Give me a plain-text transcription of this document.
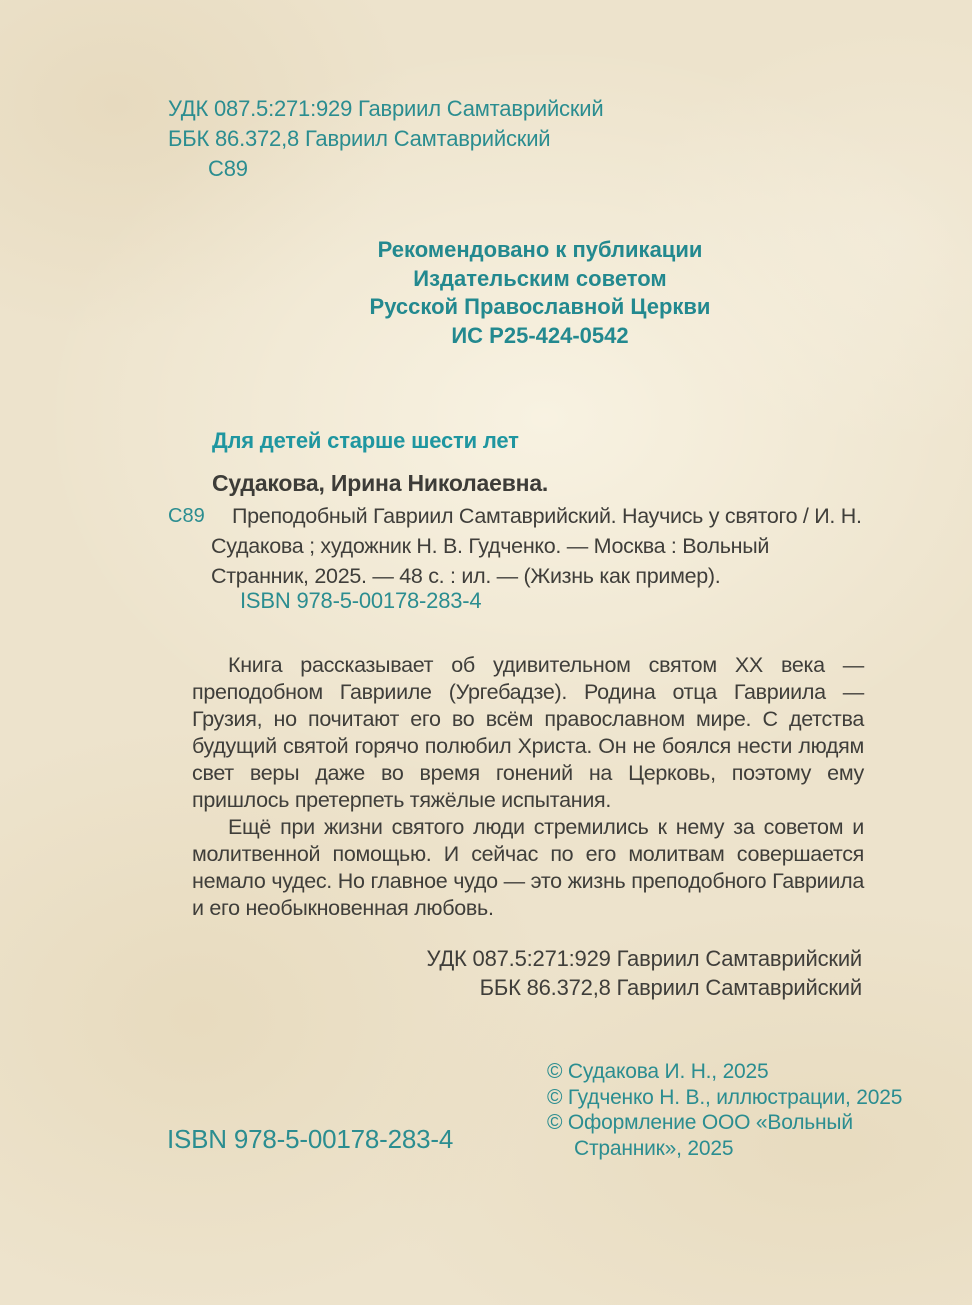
УДК 087.5:271:929 Гавриил Самтаврийский
ББК 86.372,8 Гавриил Самтаврийский
С89
Рекомендовано к публикации
Издательским советом
Русской Православной Церкви
ИС Р25-424-0542
Для детей старше шести лет
Судакова, Ирина Николаевна.
С89	Преподобный Гавриил Самтаврийский. Научись у святого / И. Н. Судакова ; художник Н. В. Гудченко. — Москва : Вольный Странник, 2025. — 48 с. : ил. — (Жизнь как пример).
ISBN 978-5-00178-283-4
Книга рассказывает об удивительном святом XX века — преподобном Гаврииле (Ургебадзе). Родина отца Гавриила — Грузия, но почитают его во всём православном мире. С детства будущий святой горячо полюбил Христа. Он не боялся нести людям свет веры даже во время гонений на Церковь, поэтому ему пришлось претерпеть тяжёлые испытания.
Ещё при жизни святого люди стремились к нему за советом и молитвенной помощью. И сейчас по его молитвам совершается немало чудес. Но главное чудо — это жизнь преподобного Гавриила и его необыкновенная любовь.
УДК 087.5:271:929 Гавриил Самтаврийский
ББК 86.372,8 Гавриил Самтаврийский
© Судакова И. Н., 2025
© Гудченко Н. В., иллюстрации, 2025
© Оформление ООО «Вольный
Странник», 2025
ISBN 978-5-00178-283-4
